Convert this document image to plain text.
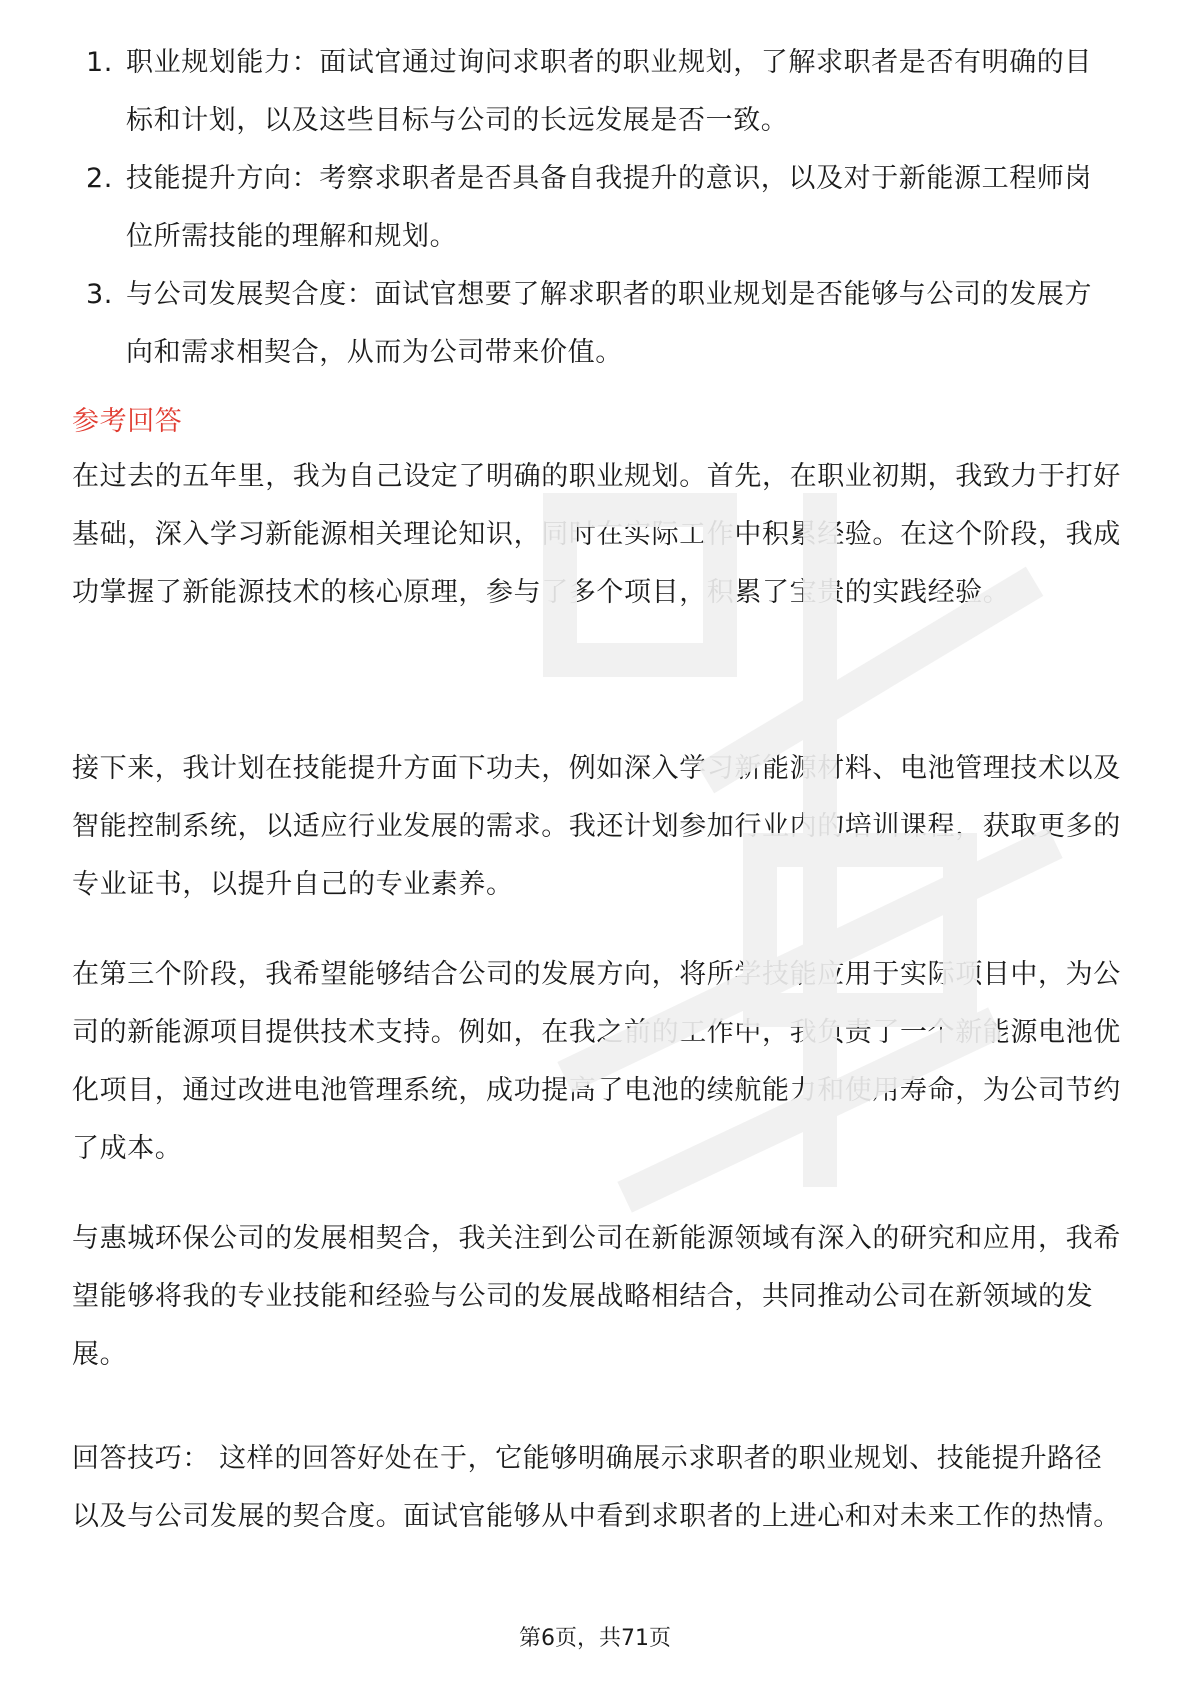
1. 职业规划能力：面试官通过询问求职者的职业规划，了解求职者是否有明确的目标和计划，以及这些目标与公司的长远发展是否一致。
2. 技能提升方向：考察求职者是否具备自我提升的意识，以及对于新能源工程师岗位所需技能的理解和规划。
3. 与公司发展契合度：面试官想要了解求职者的职业规划是否能够与公司的发展方向和需求相契合，从而为公司带来价值。
参考回答

在过去的五年里，我为自己设定了明确的职业规划。首先，在职业初期，我致力于打好基础，深入学习新能源相关理论知识，同时在实际工作中积累经验。在这个阶段，我成功掌握了新能源技术的核心原理，参与了多个项目，积累了宝贵的实践经验。

接下来，我计划在技能提升方面下功夫，例如深入学习新能源材料、电池管理技术以及智能控制系统，以适应行业发展的需求。我还计划参加行业内的培训课程，获取更多的专业证书，以提升自己的专业素养。

在第三个阶段，我希望能够结合公司的发展方向，将所学技能应用于实际项目中，为公司的新能源项目提供技术支持。例如，在我之前的工作中，我负责了一个新能源电池优化项目，通过改进电池管理系统，成功提高了电池的续航能力和使用寿命，为公司节约了成本。

与惠城环保公司的发展相契合，我关注到公司在新能源领域有深入的研究和应用，我希望能够将我的专业技能和经验与公司的发展战略相结合，共同推动公司在新领域的发展。

回答技巧： 这样的回答好处在于，它能够明确展示求职者的职业规划、技能提升路径以及与公司发展的契合度。面试官能够从中看到求职者的上进心和对未来工作的热情。

第6页，共71页
